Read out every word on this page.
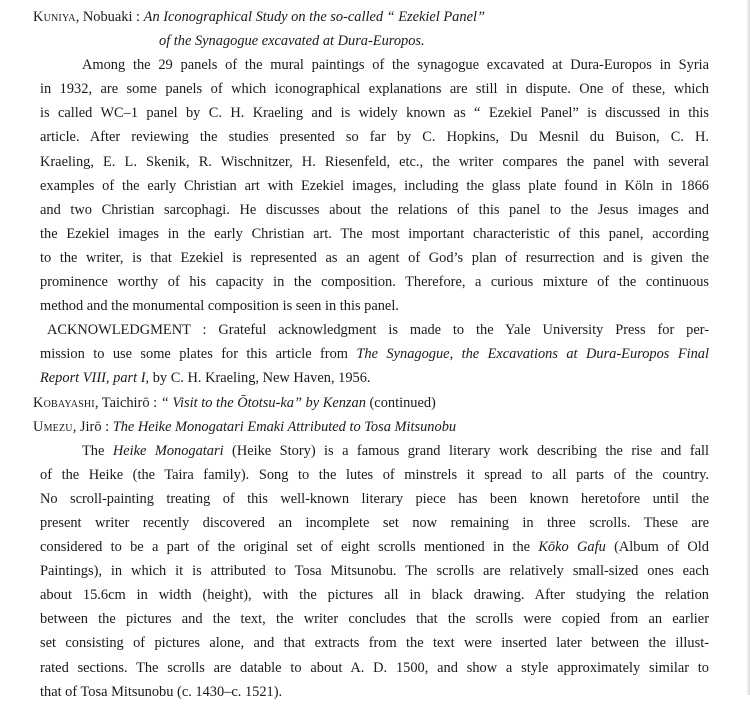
Kuniya, Nobuaki : An Iconographical Study on the so-called “ Ezekiel Panel”
of the Synagogue excavated at Dura-Europos.
Among the 29 panels of the mural paintings of the synagogue excavated at Dura-Europos in Syria
in 1932, are some panels of which iconographical explanations are still in dispute. One of these, which
is called WC–1 panel by C. H. Kraeling and is widely known as “ Ezekiel Panel” is discussed in this
article. After reviewing the studies presented so far by C. Hopkins, Du Mesnil du Buison, C. H.
Kraeling, E. L. Skenik, R. Wischnitzer, H. Riesenfeld, etc., the writer compares the panel with several
examples of the early Christian art with Ezekiel images, including the glass plate found in Köln in 1866
and two Christian sarcophagi. He discusses about the relations of this panel to the Jesus images and
the Ezekiel images in the early Christian art. The most important characteristic of this panel, according
to the writer, is that Ezekiel is represented as an agent of God’s plan of resurrection and is given the
prominence worthy of his capacity in the composition. Therefore, a curious mixture of the continuous
method and the monumental composition is seen in this panel.
ACKNOWLEDGMENT : Grateful acknowledgment is made to the Yale University Press for per-
mission to use some plates for this article from The Synagogue, the Excavations at Dura-Europos Final
Report VIII, part I, by C. H. Kraeling, New Haven, 1956.
Kobayashi, Taichirō : “ Visit to the Ōtotsu-ka” by Kenzan (continued)
Umezu, Jirō : The Heike Monogatari Emaki Attributed to Tosa Mitsunobu
The Heike Monogatari (Heike Story) is a famous grand literary work describing the rise and fall
of the Heike (the Taira family). Song to the lutes of minstrels it spread to all parts of the country.
No scroll-painting treating of this well-known literary piece has been known heretofore until the
present writer recently discovered an incomplete set now remaining in three scrolls. These are
considered to be a part of the original set of eight scrolls mentioned in the Kōko Gafu (Album of Old
Paintings), in which it is attributed to Tosa Mitsunobu. The scrolls are relatively small-sized ones each
about 15.6cm in width (height), with the pictures all in black drawing. After studying the relation
between the pictures and the text, the writer concludes that the scrolls were copied from an earlier
set consisting of pictures alone, and that extracts from the text were inserted later between the illust-
rated sections. The scrolls are datable to about A. D. 1500, and show a style approximately similar to
that of Tosa Mitsunobu (c. 1430–c. 1521).
